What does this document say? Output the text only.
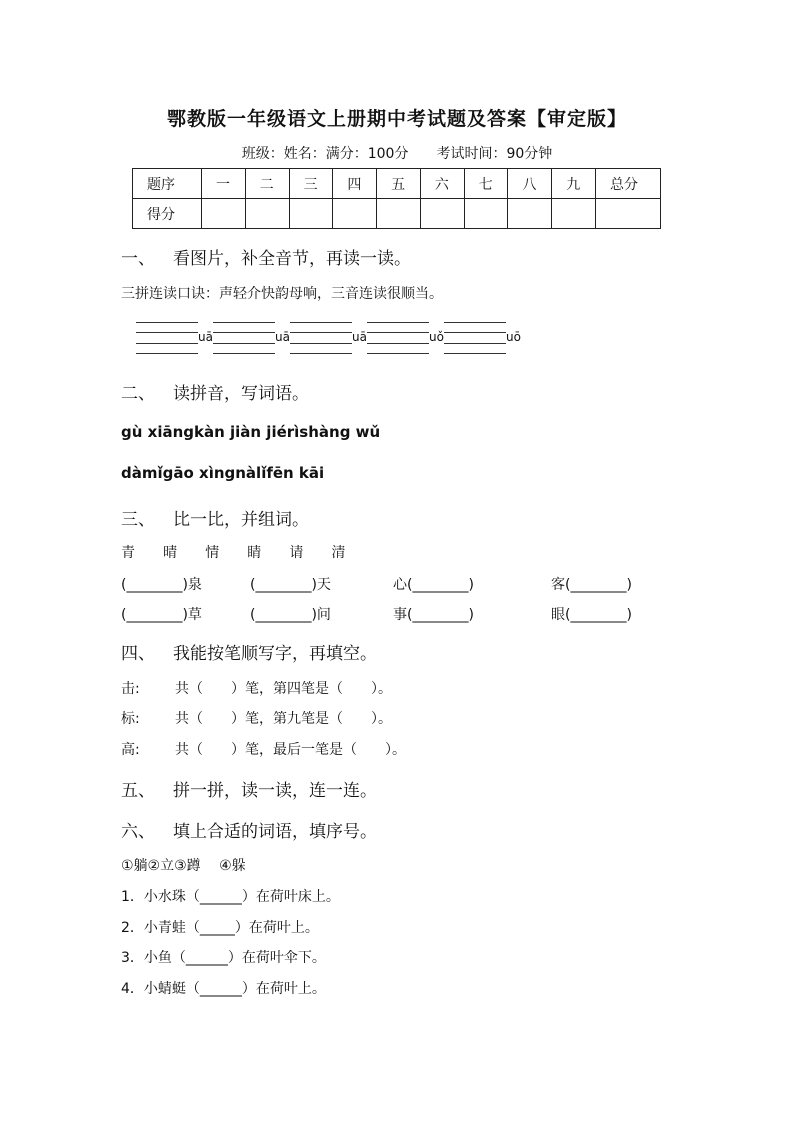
鄂教版一年级语文上册期中考试题及答案【审定版】
班级：姓名：满分：100分　　考试时间：90分钟
题序	一	二	三	四	五	六	七	八	九	总分
得分										
一、 看图片，补全音节，再读一读。
三拼连读口诀：声轻介快韵母响，三音连读很顺当。
uā	uā	uā	uǒ	uō
二、 读拼音，写词语。
gù xiāngkàn jiàn jiérìshàng wǔ
dàmǐgāo xìngnàlǐfēn kāi
三、 比一比，并组词。
青 晴 情 睛 请 清
(________)泉	(________)天	心(________)	客(________)
(________)草	(________)问	事(________)	眼(________)
四、 我能按笔顺写字，再填空。
击:	共（　　）笔，第四笔是（　　）。
标:	共（　　）笔，第九笔是（　　）。
高:	共（　　）笔，最后一笔是（　　）。
五、 拼一拼，读一读，连一连。
六、 填上合适的词语，填序号。
①躺②立③蹲　 ④躲
1．小水珠（______）在荷叶床上。
2．小青蛙（_____）在荷叶上。
3．小鱼（______）在荷叶伞下。
4．小蜻蜓（______）在荷叶上。
